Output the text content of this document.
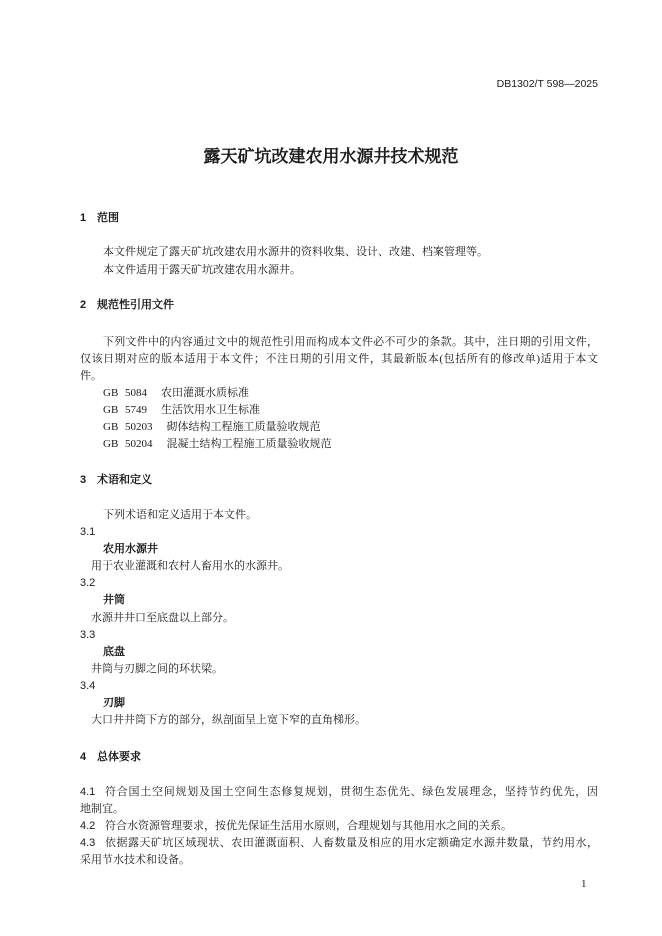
DB1302/T 598—2025
露天矿坑改建农用水源井技术规范
1 范围
本文件规定了露天矿坑改建农用水源井的资料收集、设计、改建、档案管理等。
本文件适用于露天矿坑改建农用水源井。
2 规范性引用文件
下列文件中的内容通过文中的规范性引用而构成本文件必不可少的条款。其中，注日期的引用文件，
仅该日期对应的版本适用于本文件；不注日期的引用文件，其最新版本(包括所有的修改单)适用于本文
件。
GB 5084 农田灌溉水质标准
GB 5749 生活饮用水卫生标准
GB 50203 砌体结构工程施工质量验收规范
GB 50204 混凝土结构工程施工质量验收规范
3 术语和定义
下列术语和定义适用于本文件。
3.1
农用水源井
用于农业灌溉和农村人畜用水的水源井。
3.2
井筒
水源井井口至底盘以上部分。
3.3
底盘
井筒与刃脚之间的环状梁。
3.4
刃脚
大口井井筒下方的部分，纵剖面呈上宽下窄的直角梯形。
4 总体要求
4.1 符合国土空间规划及国土空间生态修复规划，贯彻生态优先、绿色发展理念，坚持节约优先，因
地制宜。
4.2 符合水资源管理要求，按优先保证生活用水原则，合理规划与其他用水之间的关系。
4.3 依据露天矿坑区域现状、农田灌溉面积、人畜数量及相应的用水定额确定水源井数量，节约用水，
采用节水技术和设备。
1
